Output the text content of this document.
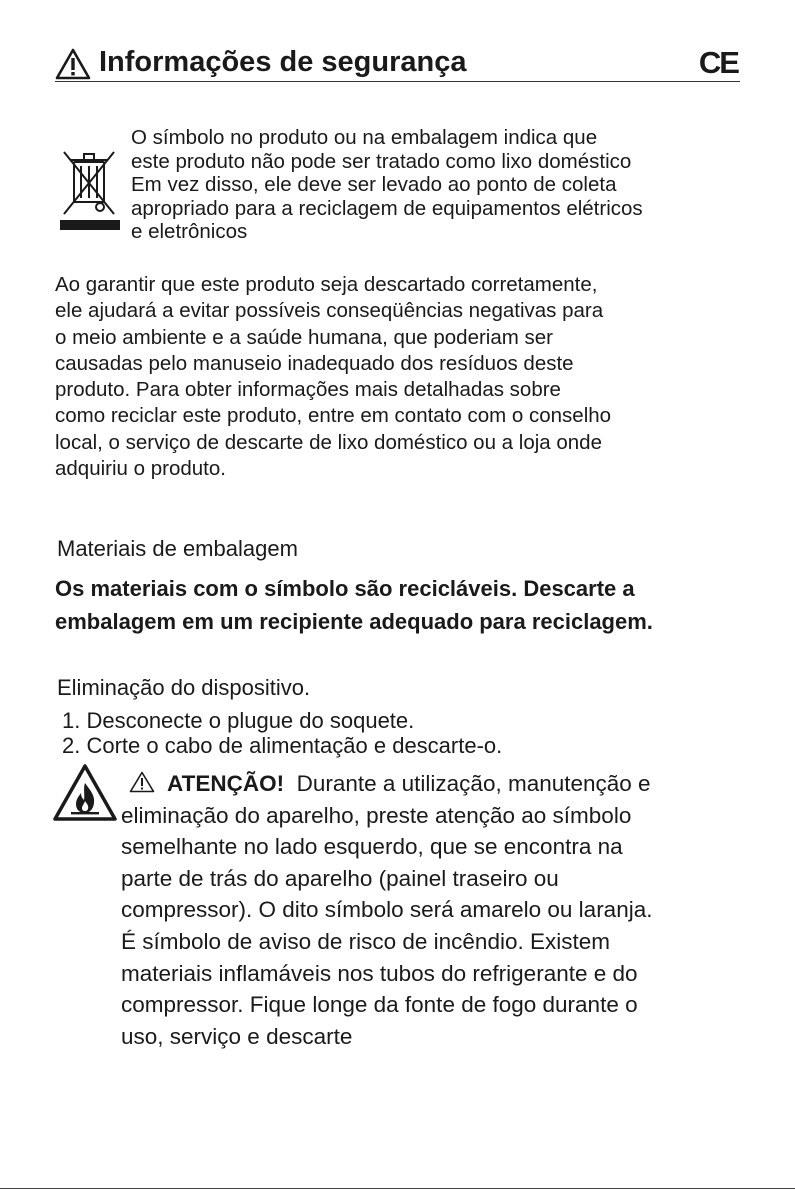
Informações de segurança	CE
O símbolo no produto ou na embalagem indica que
este produto não pode ser tratado como lixo doméstico
Em vez disso, ele deve ser levado ao ponto de coleta
apropriado para a reciclagem de equipamentos elétricos
e eletrônicos
Ao garantir que este produto seja descartado corretamente,
ele ajudará a evitar possíveis conseqüências negativas para
o meio ambiente e a saúde humana, que poderiam ser
causadas pelo manuseio inadequado dos resíduos deste
produto. Para obter informações mais detalhadas sobre
como reciclar este produto, entre em contato com o conselho
local, o serviço de descarte de lixo doméstico ou a loja onde
adquiriu o produto.
Materiais de embalagem
Os materiais com o símbolo são recicláveis. Descarte a
embalagem em um recipiente adequado para reciclagem.
Eliminação do dispositivo.
1. Desconecte o plugue do soquete.
2. Corte o cabo de alimentação e descarte-o.
ATENÇÃO! Durante a utilização, manutenção e
eliminação do aparelho, preste atenção ao símbolo
semelhante no lado esquerdo, que se encontra na
parte de trás do aparelho (painel traseiro ou
compressor). O dito símbolo será amarelo ou laranja.
É símbolo de aviso de risco de incêndio. Existem
materiais inflamáveis nos tubos do refrigerante e do
compressor. Fique longe da fonte de fogo durante o
uso, serviço e descarte
